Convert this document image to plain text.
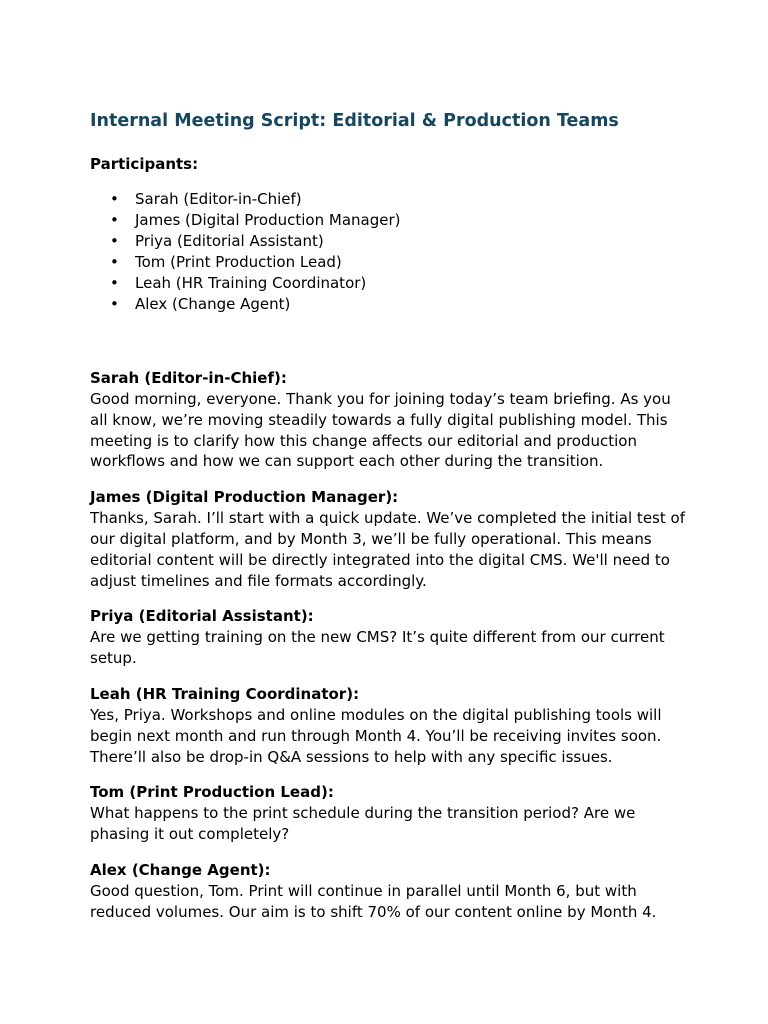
Internal Meeting Script: Editorial & Production Teams

Participants:

• Sarah (Editor-in-Chief)
• James (Digital Production Manager)
• Priya (Editorial Assistant)
• Tom (Print Production Lead)
• Leah (HR Training Coordinator)
• Alex (Change Agent)

Sarah (Editor-in-Chief):

Good morning, everyone. Thank you for joining today’s team briefing. As you all know, we’re moving steadily towards a fully digital publishing model. This meeting is to clarify how this change affects our editorial and production workflows and how we can support each other during the transition.

James (Digital Production Manager):

Thanks, Sarah. I’ll start with a quick update. We’ve completed the initial test of our digital platform, and by Month 3, we’ll be fully operational. This means editorial content will be directly integrated into the digital CMS. We'll need to adjust timelines and file formats accordingly.

Priya (Editorial Assistant):

Are we getting training on the new CMS? It’s quite different from our current setup.

Leah (HR Training Coordinator):

Yes, Priya. Workshops and online modules on the digital publishing tools will begin next month and run through Month 4. You’ll be receiving invites soon. There’ll also be drop-in Q&A sessions to help with any specific issues.

Tom (Print Production Lead):

What happens to the print schedule during the transition period? Are we phasing it out completely?

Alex (Change Agent):

Good question, Tom. Print will continue in parallel until Month 6, but with reduced volumes. Our aim is to shift 70% of our content online by Month 4.
